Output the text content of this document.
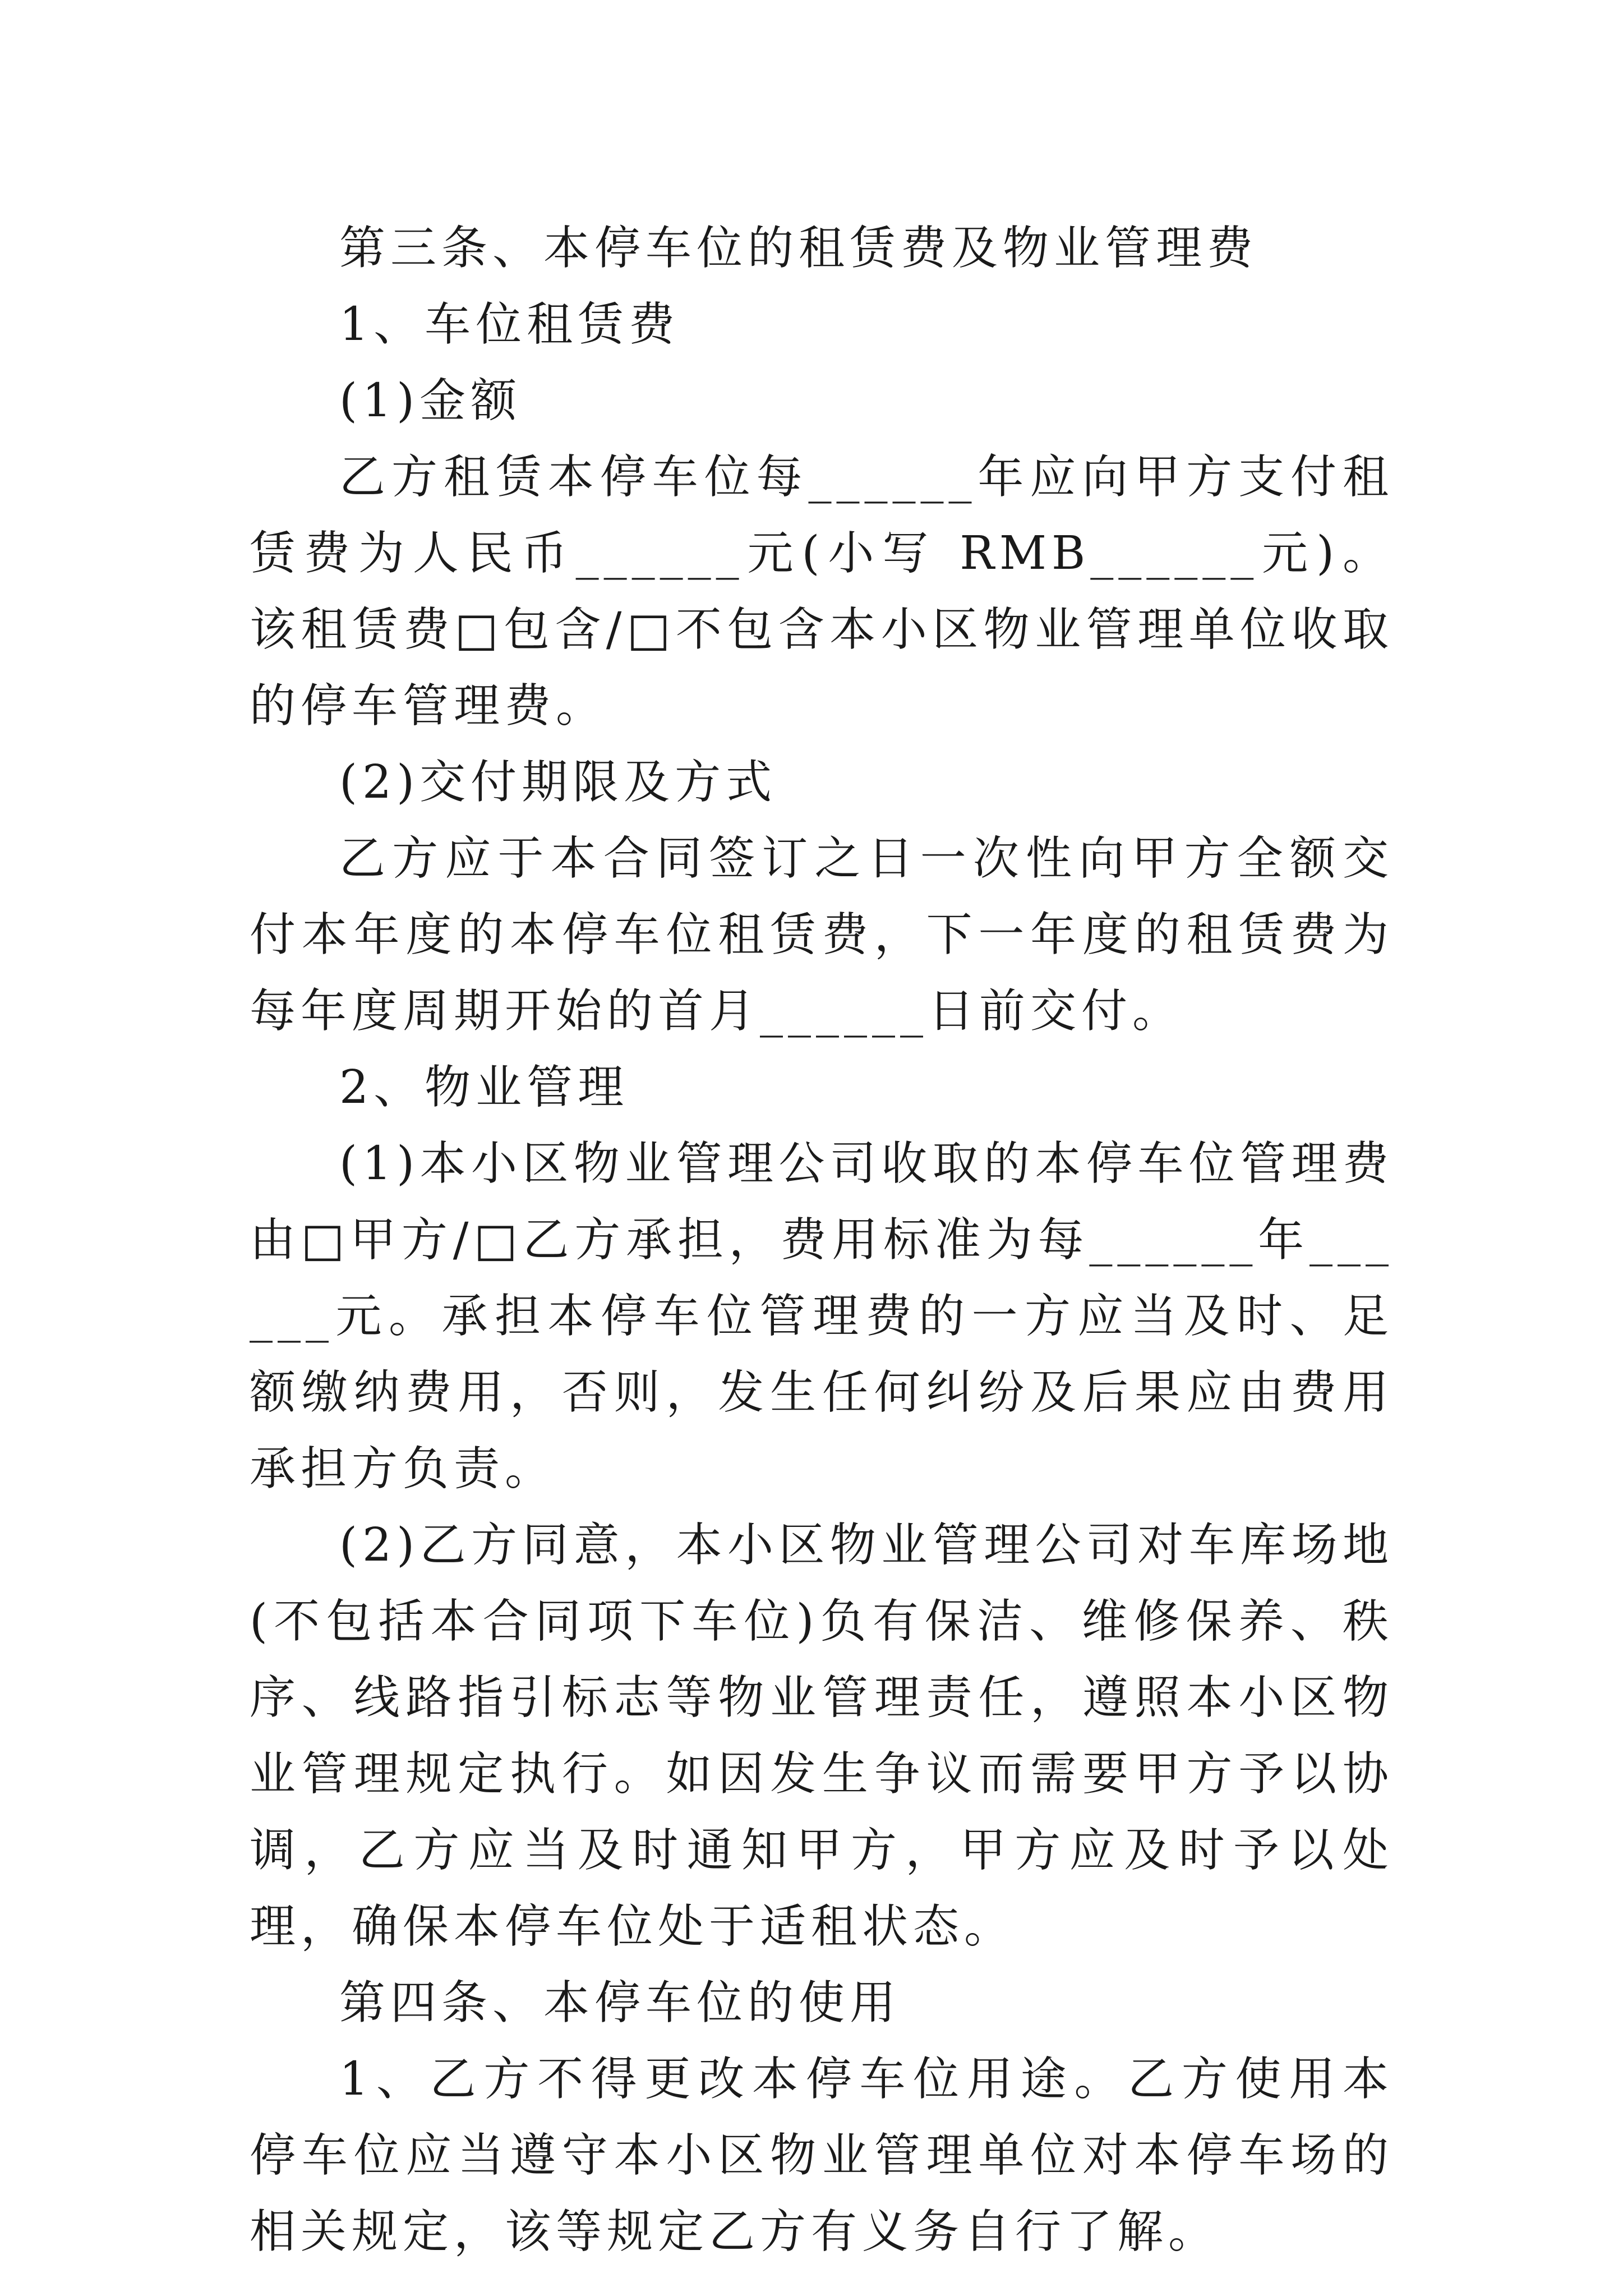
第三条、本停车位的租赁费及物业管理费

1、车位租赁费

(1)金额

乙方租赁本停车位每______年应向甲方支付租赁费为人民币______元(小写 RMB______元)。该租赁费□包含/□不包含本小区物业管理单位收取的停车管理费。

(2)交付期限及方式

乙方应于本合同签订之日一次性向甲方全额交付本年度的本停车位租赁费，下一年度的租赁费为每年度周期开始的首月______日前交付。

2、物业管理

(1)本小区物业管理公司收取的本停车位管理费由□甲方/□乙方承担，费用标准为每______年______元。承担本停车位管理费的一方应当及时、足额缴纳费用，否则，发生任何纠纷及后果应由费用承担方负责。

(2)乙方同意，本小区物业管理公司对车库场地(不包括本合同项下车位)负有保洁、维修保养、秩序、线路指引标志等物业管理责任，遵照本小区物业管理规定执行。如因发生争议而需要甲方予以协调，乙方应当及时通知甲方，甲方应及时予以处理，确保本停车位处于适租状态。

第四条、本停车位的使用

1、乙方不得更改本停车位用途。乙方使用本停车位应当遵守本小区物业管理单位对本停车场的相关规定，该等规定乙方有义务自行了解。
